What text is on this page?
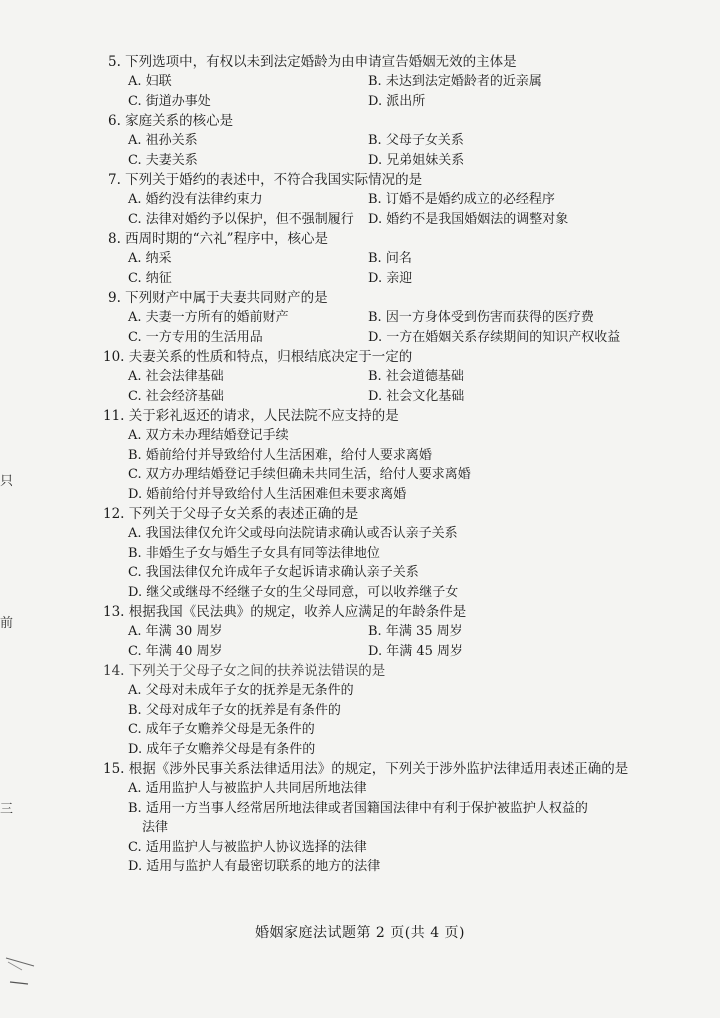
5. 下列选项中，有权以未到法定婚龄为由申请宣告婚姻无效的主体是
A. 妇联	B. 未达到法定婚龄者的近亲属
C. 街道办事处	D. 派出所
6. 家庭关系的核心是
A. 祖孙关系	B. 父母子女关系
C. 夫妻关系	D. 兄弟姐妹关系
7. 下列关于婚约的表述中，不符合我国实际情况的是
A. 婚约没有法律约束力	B. 订婚不是婚约成立的必经程序
C. 法律对婚约予以保护，但不强制履行	D. 婚约不是我国婚姻法的调整对象
8. 西周时期的“六礼”程序中，核心是
A. 纳采	B. 问名
C. 纳征	D. 亲迎
9. 下列财产中属于夫妻共同财产的是
A. 夫妻一方所有的婚前财产	B. 因一方身体受到伤害而获得的医疗费
C. 一方专用的生活用品	D. 一方在婚姻关系存续期间的知识产权收益
10. 夫妻关系的性质和特点，归根结底决定于一定的
A. 社会法律基础	B. 社会道德基础
C. 社会经济基础	D. 社会文化基础
11. 关于彩礼返还的请求，人民法院不应支持的是
A. 双方未办理结婚登记手续
B. 婚前给付并导致给付人生活困难，给付人要求离婚
C. 双方办理结婚登记手续但确未共同生活，给付人要求离婚
D. 婚前给付并导致给付人生活困难但未要求离婚
12. 下列关于父母子女关系的表述正确的是
A. 我国法律仅允许父或母向法院请求确认或否认亲子关系
B. 非婚生子女与婚生子女具有同等法律地位
C. 我国法律仅允许成年子女起诉请求确认亲子关系
D. 继父或继母不经继子女的生父母同意，可以收养继子女
13. 根据我国《民法典》的规定，收养人应满足的年龄条件是
A. 年满 30 周岁	B. 年满 35 周岁
C. 年满 40 周岁	D. 年满 45 周岁
14. 下列关于父母子女之间的扶养说法错误的是
A. 父母对未成年子女的抚养是无条件的
B. 父母对成年子女的抚养是有条件的
C. 成年子女赡养父母是无条件的
D. 成年子女赡养父母是有条件的
15. 根据《涉外民事关系法律适用法》的规定，下列关于涉外监护法律适用表述正确的是
A. 适用监护人与被监护人共同居所地法律
B. 适用一方当事人经常居所地法律或者国籍国法律中有利于保护被监护人权益的
法律
C. 适用监护人与被监护人协议选择的法律
D. 适用与监护人有最密切联系的地方的法律
只
前
三
婚姻家庭法试题第 2 页(共 4 页)
